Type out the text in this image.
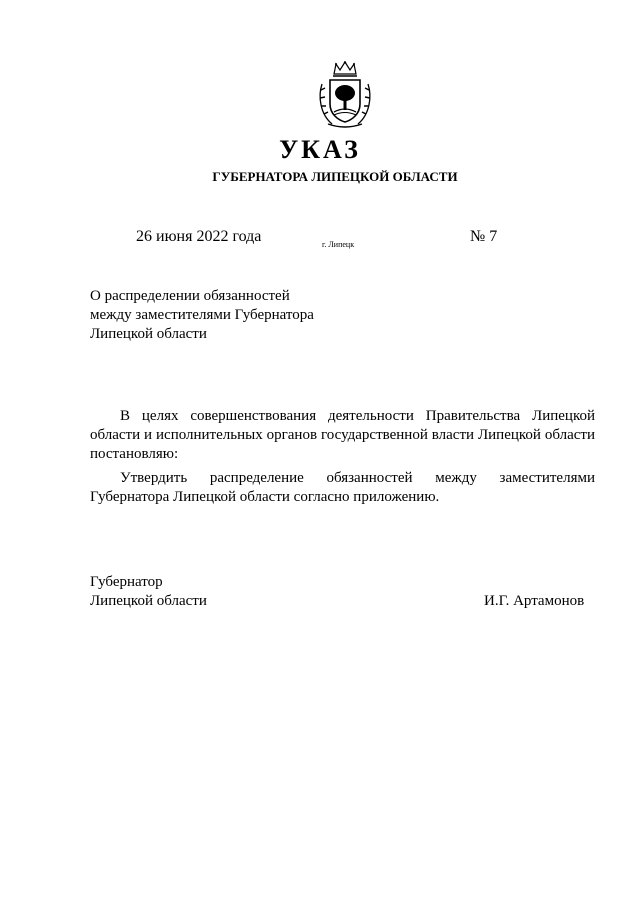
УКАЗ
ГУБЕРНАТОРА ЛИПЕЦКОЙ ОБЛАСТИ
26 июня 2022 года	г. Липецк	№ 7
О распределении обязанностей
между заместителями Губернатора
Липецкой области

В целях совершенствования деятельности Правительства Липецкой области и исполнительных органов государственной власти Липецкой области постановляю:

Утвердить распределение обязанностей между заместителями Губернатора Липецкой области согласно приложению.

Губернатор
Липецкой области	И.Г. Артамонов
